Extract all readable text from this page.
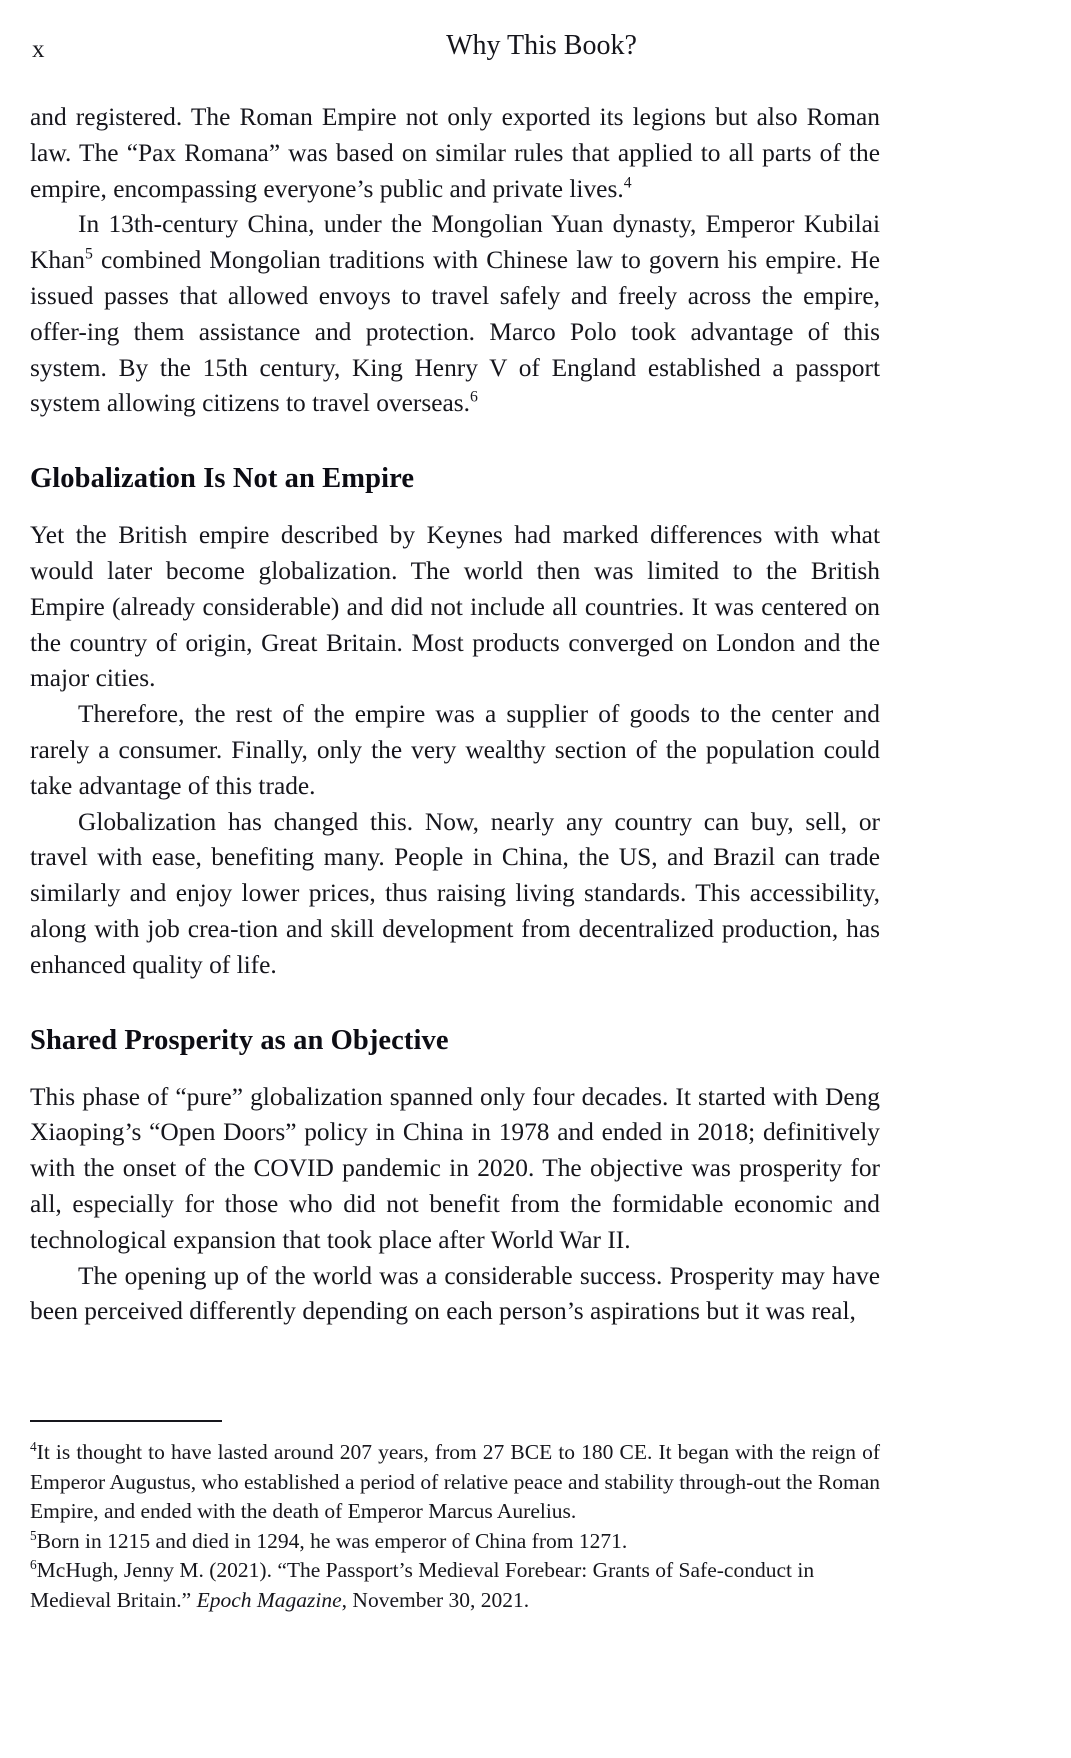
x	Why This Book?

and registered. The Roman Empire not only exported its legions but also Roman law. The “Pax Romana” was based on similar rules that applied to all parts of the empire, encompassing everyone’s public and private lives.$^4$

In 13th-century China, under the Mongolian Yuan dynasty, Emperor Kubilai Khan$^5$ combined Mongolian traditions with Chinese law to govern his empire. He issued passes that allowed envoys to travel safely and freely across the empire, offer-ing them assistance and protection. Marco Polo took advantage of this system. By the 15th century, King Henry V of England established a passport system allowing citizens to travel overseas.$^6$

Globalization Is Not an Empire

Yet the British empire described by Keynes had marked differences with what would later become globalization. The world then was limited to the British Empire (already considerable) and did not include all countries. It was centered on the country of origin, Great Britain. Most products converged on London and the major cities.

Therefore, the rest of the empire was a supplier of goods to the center and rarely a consumer. Finally, only the very wealthy section of the population could take advantage of this trade.

Globalization has changed this. Now, nearly any country can buy, sell, or travel with ease, benefiting many. People in China, the US, and Brazil can trade similarly and enjoy lower prices, thus raising living standards. This accessibility, along with job crea-tion and skill development from decentralized production, has enhanced quality of life.

Shared Prosperity as an Objective

This phase of “pure” globalization spanned only four decades. It started with Deng Xiaoping’s “Open Doors” policy in China in 1978 and ended in 2018; definitively with the onset of the COVID pandemic in 2020. The objective was prosperity for all, especially for those who did not benefit from the formidable economic and technological expansion that took place after World War II.

The opening up of the world was a considerable success. Prosperity may have been perceived differently depending on each person’s aspirations but it was real,

$^4$It is thought to have lasted around 207 years, from 27 BCE to 180 CE. It began with the reign of Emperor Augustus, who established a period of relative peace and stability through-out the Roman Empire, and ended with the death of Emperor Marcus Aurelius.

$^5$Born in 1215 and died in 1294, he was emperor of China from 1271.

$^6$McHugh, Jenny M. (2021). “The Passport’s Medieval Forebear: Grants of Safe-conduct in Medieval Britain.” Epoch Magazine, November 30, 2021.
